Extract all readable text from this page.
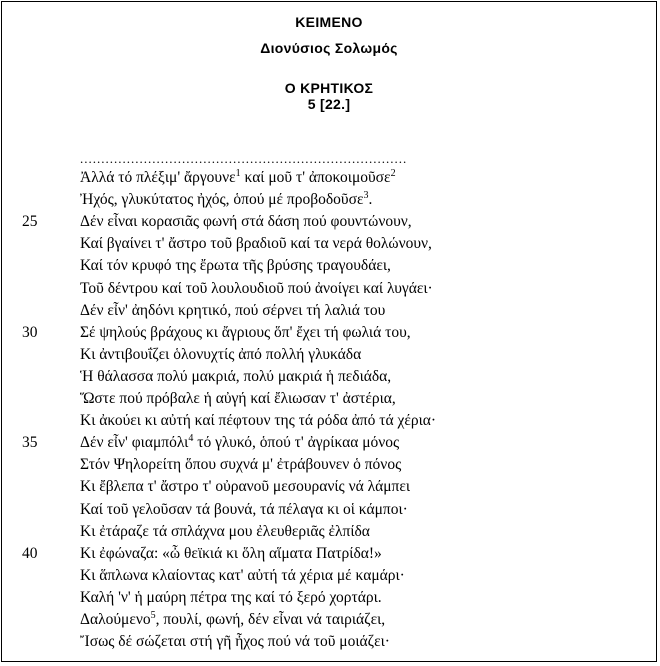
ΚΕΙΜΕΝΟ
Διονύσιος Σολωμός
Ο ΚΡΗΤΙΚΟΣ
5 [22.]
.............................................................................
Ἀλλά τό πλέξιμ' ἄργουνε$^1$ καί μοῦ τ' ἀποκοιμοῦσε$^2$
Ἠχός, γλυκύτατος ἠχός, ὁπού μέ προβοδοῦσε$^3$.
Δέν εἶναι κορασιᾶς φωνή στά δάση πού φουντώνουν,
25
Καί βγαίνει τ' ἄστρο τοῦ βραδιοῦ καί τα νερά θολώνουν,
Καί τόν κρυφό της ἔρωτα τῆς βρύσης τραγουδάει,
Τοῦ δέντρου καί τοῦ λουλουδιοῦ πού ἀνοίγει καί λυγάει·
Δέν εἶν' ἀηδόνι κρητικό, πού σέρνει τή λαλιά του
Σέ ψηλούς βράχους κι ἄγριους ὅπ' ἔχει τή φωλιά του,
30
Κι ἀντιβουΐζει ὁλονυχτίς ἀπό πολλή γλυκάδα
Ἡ θάλασσα πολύ μακριά, πολύ μακριά ἡ πεδιάδα,
Ὥστε πού πρόβαλε ἡ αὐγή καί ἔλιωσαν τ' ἀστέρια,
Κι ἀκούει κι αὐτή καί πέφτουν της τά ρόδα ἀπό τά χέρια·
Δέν εἶν' φιαμπόλι$^4$ τό γλυκό, ὁπού τ' ἀγρίκαα μόνος
35
Στόν Ψηλορείτη ὅπου συχνά μ' ἐτράβουνεν ὁ πόνος
Κι ἔβλεπα τ' ἄστρο τ' οὐρανοῦ μεσουρανίς νά λάμπει
Καί τοῦ γελοῦσαν τά βουνά, τά πέλαγα κι οἱ κάμποι·
Κι ἐτάραζε τά σπλάχνα μου ἐλευθεριᾶς ἐλπίδα
Κι ἐφώναζα: «ὦ θεϊκιά κι ὅλη αἵματα Πατρίδα!»
40
Κι ἅπλωνα κλαίοντας κατ' αὐτή τά χέρια μέ καμάρι·
Καλή 'ν' ἡ μαύρη πέτρα της καί τό ξερό χορτάρι.
Δαλούμενο$^5$, πουλί, φωνή, δέν εἶναι νά ταιριάζει,
Ἴσως δέ σώζεται στή γῆ ἦχος πού νά τοῦ μοιάζει·
